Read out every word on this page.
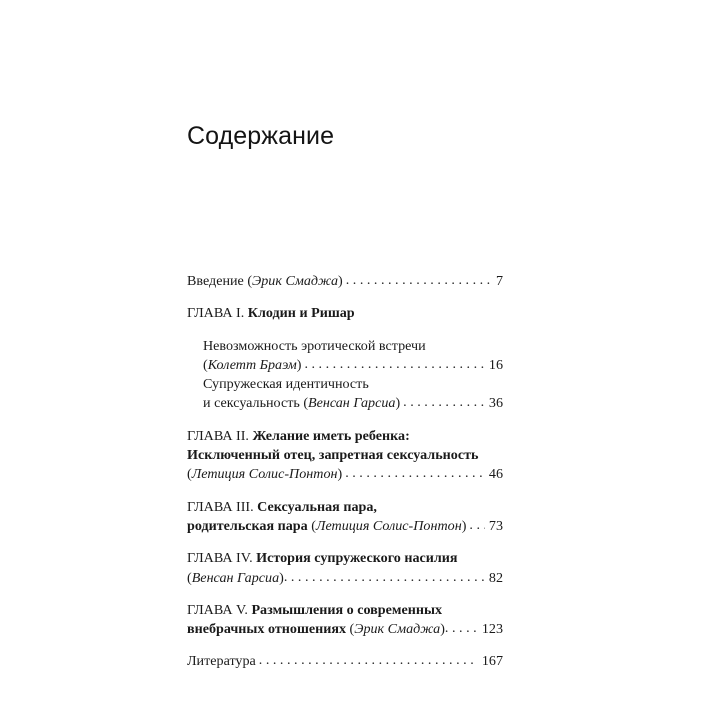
Содержание
Введение (Эрик Смаджа) . . .	7
ГЛАВА I. Клодин и Ришар
Невозможность эротической встречи
(Колетт Браэм) . . .	16
Супружеская идентичность
и сексуальность (Венсан Гарсиа) . . .	36
ГЛАВА II. Желание иметь ребенка:
Исключенный отец, запретная сексуальность
(Летиция Солис-Понтон) . . .	46
ГЛАВА III. Сексуальная пара,
родительская пара (Летиция Солис-Понтон) . . . 73
ГЛАВА IV. История супружеского насилия
(Венсан Гарсиа) . . .	82
ГЛАВА V. Размышления о современных
внебрачных отношениях (Эрик Смаджа) . . .	123
Литература . . .	167
